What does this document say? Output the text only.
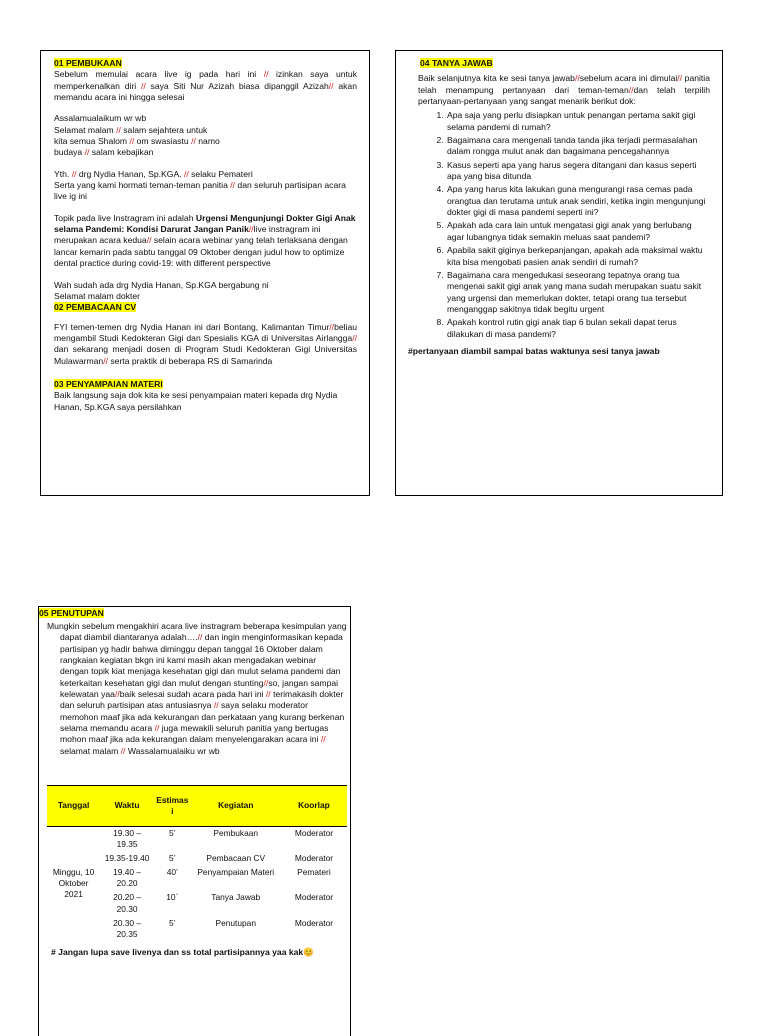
01 PEMBUKAAN

Sebelum memulai acara live ig pada hari ini // izinkan saya untuk memperkenalkan diri // saya Siti Nur Azizah biasa dipanggil Azizah// akan memandu acara ini hingga selesai

Assalamualaikum wr wb

Selamat malam // salam sejahtera untuk

kita semua Shalom // om swasiastu // namo

budaya // salam kebajikan

Yth. // drg Nydia Hanan, Sp.KGA. // selaku Pemateri

Serta yang kami hormati teman-teman panitia // dan seluruh partisipan acara live ig ini

Topik pada live Instragram ini adalah Urgensi Mengunjungi Dokter Gigi Anak selama Pandemi: Kondisi Darurat Jangan Panik//live instragram ini merupakan acara kedua// selain acara webinar yang telah terlaksana dengan lancar kemarin pada sabtu tanggal 09 Oktober dengan judul how to optimize dental practice during covid-19: with different perspective

Wah sudah ada drg Nydia Hanan, Sp.KGA bergabung ni

Selamat malam dokter

02 PEMBACAAN CV

FYI temen-temen drg Nydia Hanan ini dari Bontang, Kalimantan Timur//beliau mengambil Studi Kedokteran Gigi dan Spesialis KGA di Universitas Airlangga// dan sekarang menjadi dosen di Program Studi Kedokteran Gigi Universitas Mulawarman// serta praktik di beberapa RS di Samarinda

03 PENYAMPAIAN MATERI

Baik langsung saja dok kita ke sesi penyampaian materi kepada drg Nydia Hanan, Sp.KGA saya persilahkan

04 TANYA JAWAB

Baik selanjutnya kita ke sesi tanya jawab//sebelum acara ini dimulai// panitia telah menampung pertanyaan dari teman-teman//dan telah terpilih pertanyaan-pertanyaan yang sangat menarik berikut dok:

1. Apa saja yang perlu disiapkan untuk penangan pertama sakit gigi selama pandemi di rumah?
2. Bagaimana cara mengenali tanda tanda jika terjadi permasalahan dalam rongga mulut anak dan bagaimana pencegahannya
3. Kasus seperti apa yang harus segera ditangani dan kasus seperti apa yang bisa ditunda
4. Apa yang harus kita lakukan guna mengurangi rasa cemas pada orangtua dan terutama untuk anak sendiri, ketika ingin mengunjungi dokter gigi di masa pandemi seperti ini?
5. Apakah ada cara lain untuk mengatasi gigi anak yang berlubang agar lubangnya tidak semakin meluas saat pandemi?
6. Apabila sakit giginya berkepanjangan, apakah ada maksimal waktu kita bisa mengobati pasien anak sendiri di rumah?
7. Bagaimana cara mengedukasi seseorang tepatnya orang tua mengenai sakit gigi anak yang mana sudah merupakan suatu sakit yang urgensi dan memerlukan dokter, tetapi orang tua tersebut menganggap sakitnya tidak begitu urgent
8. Apakah kontrol rutin gigi anak tiap 6 bulan sekali dapat terus dilakukan di masa pandemi?

#pertanyaan diambil sampai batas waktunya sesi tanya jawab

05 PENUTUPAN

Mungkin sebelum mengakhiri acara live instragram beberapa kesimpulan yang dapat diambil diantaranya adalah….// dan ingin menginformasikan kepada partisipan yg hadir bahwa diminggu depan tanggal 16 Oktober dalam rangkaian kegiatan bkgn ini kami masih akan mengadakan webinar dengan topik kiat menjaga kesehatan gigi dan mulut selama pandemi dan keterkaitan kesehatan gigi dan mulut dengan stunting//so, jangan sampai kelewatan yaa//baik selesai sudah acara pada hari ini // terimakasih dokter dan seluruh partisipan atas antusiasnya // saya selaku moderator memohon maaf jika ada kekurangan dan perkataan yang kurang berkenan selama memandu acara // juga mewakili seluruh panitia yang bertugas mohon maaf jika ada kekurangan dalam menyelengarakan acara ini // selamat malam // Wassalamualaiku wr wb

Tanggal	Waktu	Estimasi	Kegiatan	Koorlap
Minggu, 10 Oktober 2021	19.30 – 19.35	5’	Pembukaan	Moderator
	19.35-19.40	5’	Pembacaan CV	Moderator
	19.40 – 20.20	40’	Penyampaian Materi	Pemateri
	20.20 – 20.30	10`	Tanya Jawab	Moderator
	20.30 – 20.35	5’	Penutupan	Moderator

# Jangan lupa save livenya dan ss total partisipannya yaa kak😊
